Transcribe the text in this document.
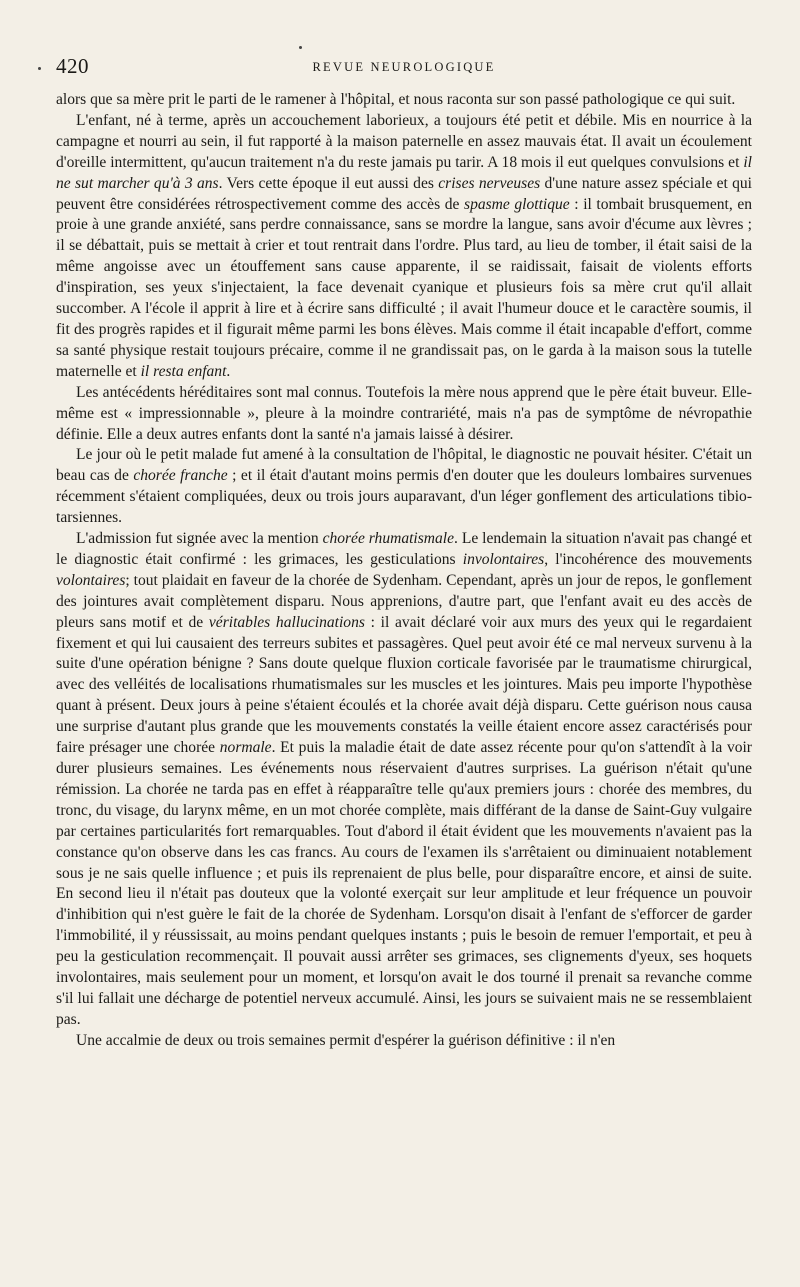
420	REVUE NEUROLOGIQUE

alors que sa mère prit le parti de le ramener à l'hôpital, et nous raconta sur son passé pathologique ce qui suit.

L'enfant, né à terme, après un accouchement laborieux, a toujours été petit et débile. Mis en nourrice à la campagne et nourri au sein, il fut rapporté à la maison paternelle en assez mauvais état. Il avait un écoulement d'oreille intermittent, qu'aucun traitement n'a du reste jamais pu tarir. A 18 mois il eut quelques convulsions et il ne sut marcher qu'à 3 ans. Vers cette époque il eut aussi des crises nerveuses d'une nature assez spéciale et qui peuvent être considérées rétrospectivement comme des accès de spasme glottique : il tombait brusquement, en proie à une grande anxiété, sans perdre connaissance, sans se mordre la langue, sans avoir d'écume aux lèvres ; il se débattait, puis se mettait à crier et tout rentrait dans l'ordre. Plus tard, au lieu de tomber, il était saisi de la même angoisse avec un étouffement sans cause apparente, il se raidissait, faisait de violents efforts d'inspiration, ses yeux s'injectaient, la face devenait cyanique et plusieurs fois sa mère crut qu'il allait succomber. A l'école il apprit à lire et à écrire sans difficulté ; il avait l'humeur douce et le caractère soumis, il fit des progrès rapides et il figurait même parmi les bons élèves. Mais comme il était incapable d'effort, comme sa santé physique restait toujours précaire, comme il ne grandissait pas, on le garda à la maison sous la tutelle maternelle et il resta enfant.

Les antécédents héréditaires sont mal connus. Toutefois la mère nous apprend que le père était buveur. Elle-même est « impressionnable », pleure à la moindre contrariété, mais n'a pas de symptôme de névropathie définie. Elle a deux autres enfants dont la santé n'a jamais laissé à désirer.

Le jour où le petit malade fut amené à la consultation de l'hôpital, le diagnostic ne pouvait hésiter. C'était un beau cas de chorée franche ; et il était d'autant moins permis d'en douter que les douleurs lombaires survenues récemment s'étaient compliquées, deux ou trois jours auparavant, d'un léger gonflement des articulations tibio-tarsiennes.

L'admission fut signée avec la mention chorée rhumatismale. Le lendemain la situation n'avait pas changé et le diagnostic était confirmé : les grimaces, les gesticulations involontaires, l'incohérence des mouvements volontaires; tout plaidait en faveur de la chorée de Sydenham. Cependant, après un jour de repos, le gonflement des jointures avait complètement disparu. Nous apprenions, d'autre part, que l'enfant avait eu des accès de pleurs sans motif et de véritables hallucinations : il avait déclaré voir aux murs des yeux qui le regardaient fixement et qui lui causaient des terreurs subites et passagères. Quel peut avoir été ce mal nerveux survenu à la suite d'une opération bénigne ? Sans doute quelque fluxion corticale favorisée par le traumatisme chirurgical, avec des velléités de localisations rhumatismales sur les muscles et les jointures. Mais peu importe l'hypothèse quant à présent. Deux jours à peine s'étaient écoulés et la chorée avait déjà disparu. Cette guérison nous causa une surprise d'autant plus grande que les mouvements constatés la veille étaient encore assez caractérisés pour faire présager une chorée normale. Et puis la maladie était de date assez récente pour qu'on s'attendît à la voir durer plusieurs semaines. Les événements nous réservaient d'autres surprises. La guérison n'était qu'une rémission. La chorée ne tarda pas en effet à réapparaître telle qu'aux premiers jours : chorée des membres, du tronc, du visage, du larynx même, en un mot chorée complète, mais différant de la danse de Saint-Guy vulgaire par certaines particularités fort remarquables. Tout d'abord il était évident que les mouvements n'avaient pas la constance qu'on observe dans les cas francs. Au cours de l'examen ils s'arrêtaient ou diminuaient notablement sous je ne sais quelle influence ; et puis ils reprenaient de plus belle, pour disparaître encore, et ainsi de suite. En second lieu il n'était pas douteux que la volonté exerçait sur leur amplitude et leur fréquence un pouvoir d'inhibition qui n'est guère le fait de la chorée de Sydenham. Lorsqu'on disait à l'enfant de s'efforcer de garder l'immobilité, il y réussissait, au moins pendant quelques instants ; puis le besoin de remuer l'emportait, et peu à peu la gesticulation recommençait. Il pouvait aussi arrêter ses grimaces, ses clignements d'yeux, ses hoquets involontaires, mais seulement pour un moment, et lorsqu'on avait le dos tourné il prenait sa revanche comme s'il lui fallait une décharge de potentiel nerveux accumulé. Ainsi, les jours se suivaient mais ne se ressemblaient pas.

Une accalmie de deux ou trois semaines permit d'espérer la guérison définitive : il n'en
